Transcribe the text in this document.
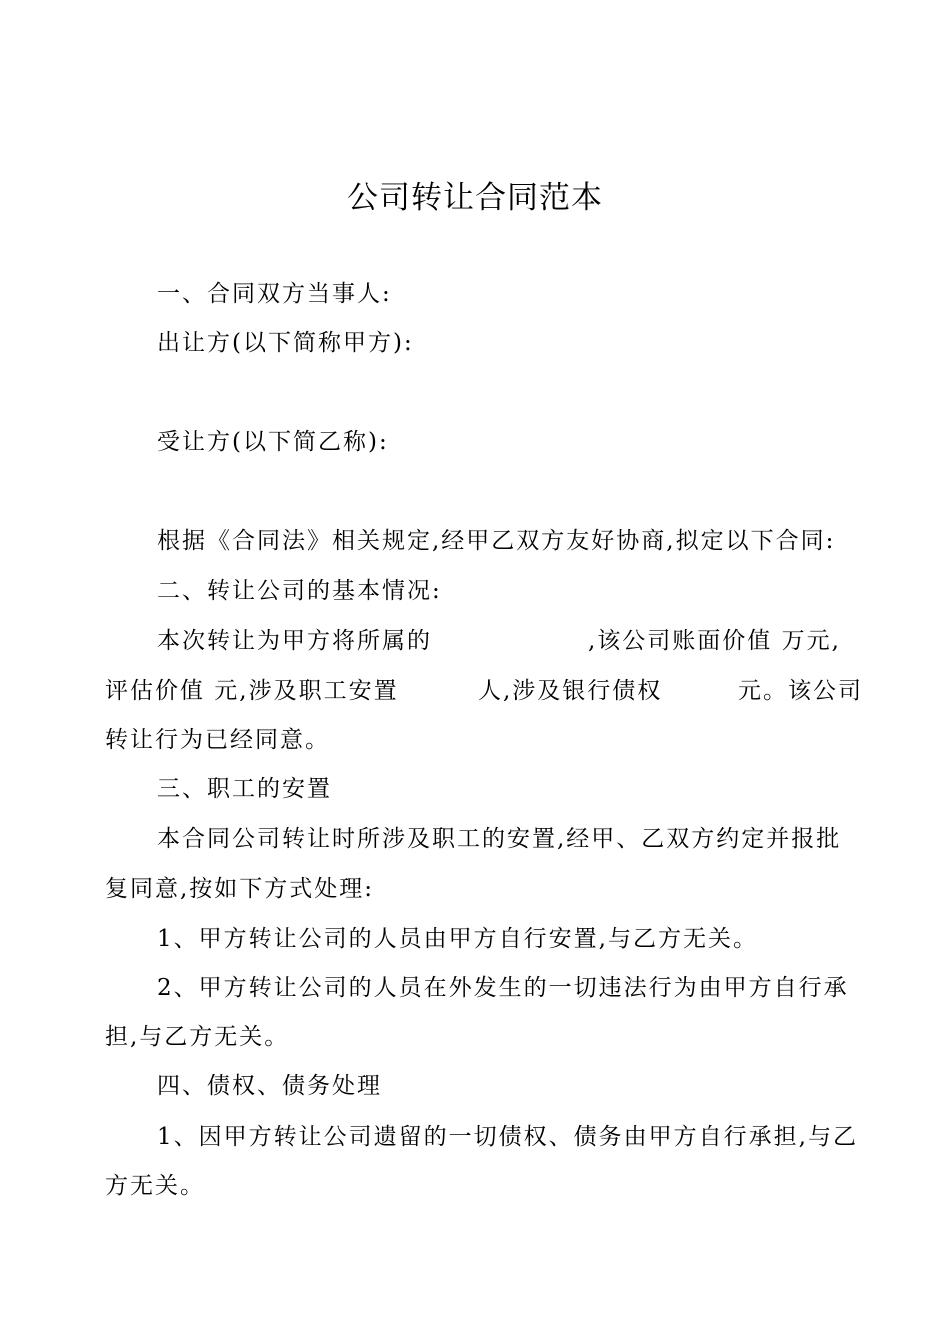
公司转让合同范本
一、合同双方当事人:
出让方(以下简称甲方):
受让方(以下简乙称):
根据《合同法》相关规定,经甲乙双方友好协商,拟定以下合同:
二、转让公司的基本情况:
本次转让为甲方将所属的	,该公司账面价值 万元,
评估价值 元,涉及职工安置	人,涉及银行债权	元。该公司
转让行为已经同意。
三、职工的安置
本合同公司转让时所涉及职工的安置,经甲、乙双方约定并报批
复同意,按如下方式处理:
1、甲方转让公司的人员由甲方自行安置,与乙方无关。
2、甲方转让公司的人员在外发生的一切违法行为由甲方自行承
担,与乙方无关。
四、债权、债务处理
1、因甲方转让公司遗留的一切债权、债务由甲方自行承担,与乙
方无关。
